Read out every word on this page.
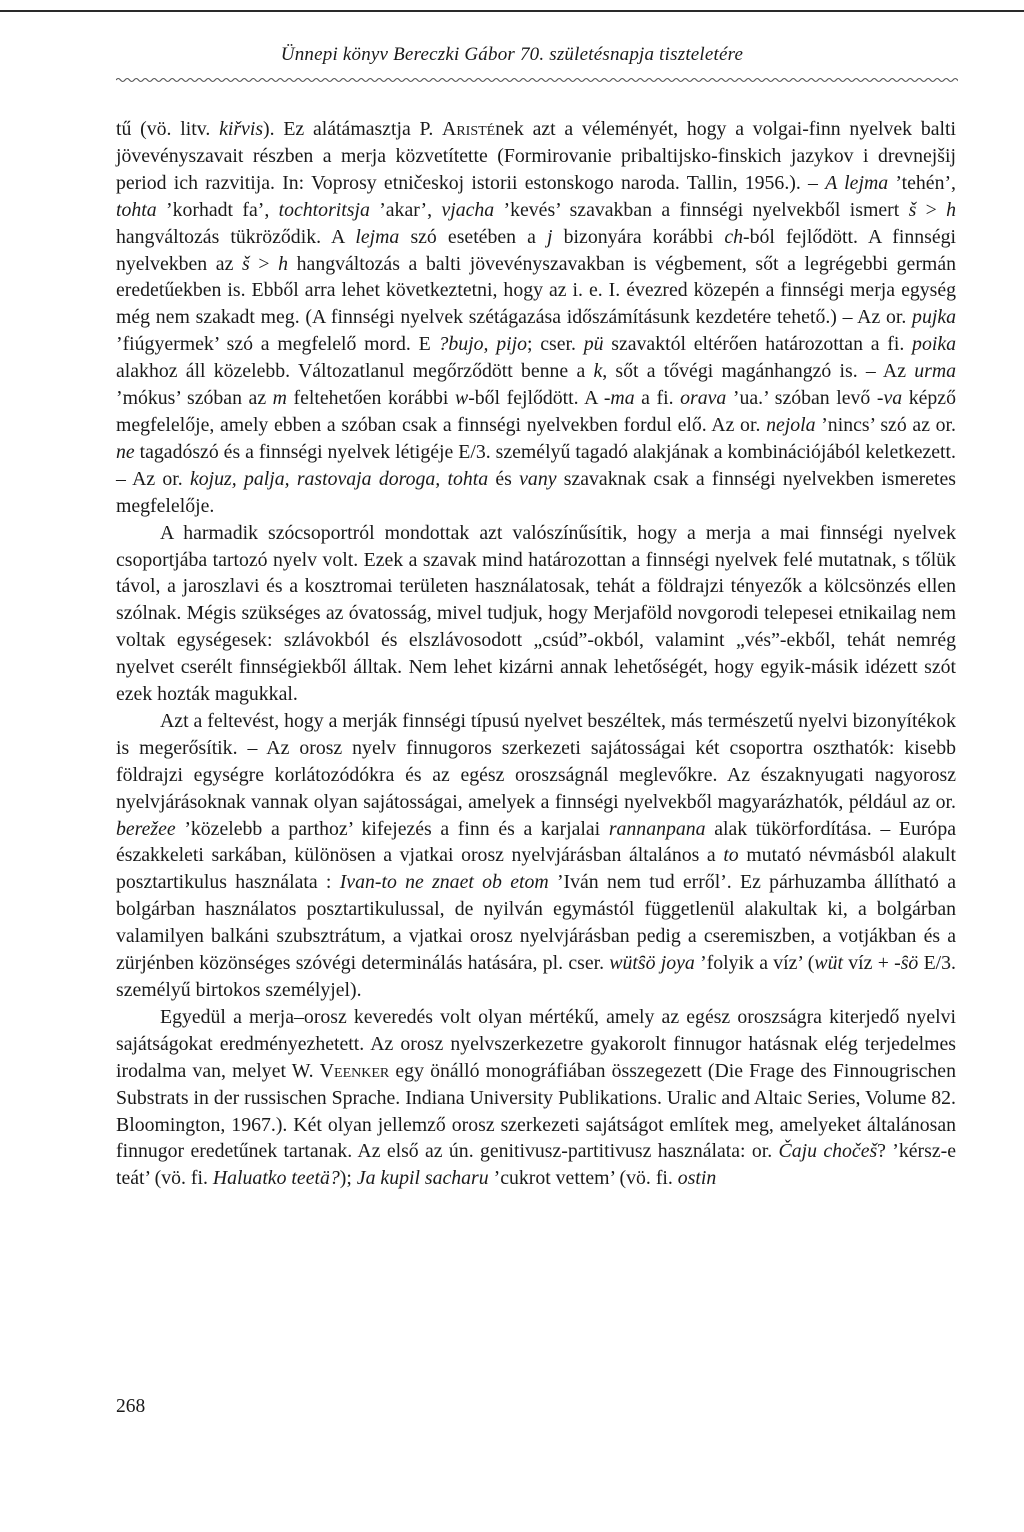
Ünnepi könyv Bereczki Gábor 70. születésnapja tiszteletére

tű (vö. litv. kiřvis). Ez alátámasztja P. Aristének azt a véleményét, hogy a volgai-finn nyelvek balti jövevényszavait részben a merja közvetítette (Formirovanie pribaltijsko-finskich jazykov i drevnejšij period ich razvitija. In: Voprosy etničeskoj istorii estonskogo naroda. Tallin, 1956.). – A lejma ’tehén’, tohta ’korhadt fa’, tochtoritsja ’akar’, vjacha ’kevés’ szavakban a finnségi nyelvekből ismert š > h hangváltozás tükröződik. A lejma szó esetében a j bizonyára korábbi ch-ból fejlődött. A finnségi nyelvekben az š > h hangváltozás a balti jövevényszavakban is végbement, sőt a legrégebbi germán eredetűekben is. Ebből arra lehet következtetni, hogy az i. e. I. évezred közepén a finnségi merja egység még nem szakadt meg. (A finnségi nyelvek szétágazása időszámításunk kezdetére tehető.) – Az or. pujka ’fiúgyermek’ szó a megfelelő mord. E ?bujo, pijo; cser. pü szavaktól eltérően határozottan a fi. poika alakhoz áll közelebb. Változatlanul megőrződött benne a k, sőt a tővégi magánhangzó is. – Az urma ’mókus’ szóban az m feltehetően korábbi w-ből fejlődött. A -ma a fi. orava ’ua.’ szóban levő -va képző megfelelője, amely ebben a szóban csak a finnségi nyelvekben fordul elő. Az or. nejola ’nincs’ szó az or. ne tagadószó és a finnségi nyelvek létigéje E/3. személyű tagadó alakjának a kombinációjából keletkezett. – Az or. kojuz, palja, rastovaja doroga, tohta és vany szavaknak csak a finnségi nyelvekben ismeretes megfelelője.

A harmadik szócsoportról mondottak azt valószínűsítik, hogy a merja a mai finnségi nyelvek csoportjába tartozó nyelv volt. Ezek a szavak mind határozottan a finnségi nyelvek felé mutatnak, s tőlük távol, a jaroszlavi és a kosztromai területen használatosak, tehát a földrajzi tényezők a kölcsönzés ellen szólnak. Mégis szükséges az óvatosság, mivel tudjuk, hogy Merjaföld novgorodi telepesei etnikailag nem voltak egységesek: szlávokból és elszlávosodott „csúd”-okból, valamint „vés”-ekből, tehát nemrég nyelvet cserélt finnségiekből álltak. Nem lehet kizárni annak lehetőségét, hogy egyik-másik idézett szót ezek hozták magukkal.

Azt a feltevést, hogy a merják finnségi típusú nyelvet beszéltek, más természetű nyelvi bizonyítékok is megerősítik. – Az orosz nyelv finnugoros szerkezeti sajátosságai két csoportra oszthatók: kisebb földrajzi egységre korlátozódókra és az egész oroszságnál meglevőkre. Az északnyugati nagyorosz nyelvjárásoknak vannak olyan sajátosságai, amelyek a finnségi nyelvekből magyarázhatók, például az or. berežee ’közelebb a parthoz’ kifejezés a finn és a karjalai rannanpana alak tükörfordítása. – Európa északkeleti sarkában, különösen a vjatkai orosz nyelvjárásban általános a to mutató névmásból alakult posztartikulus használata : Ivan-to ne znaet ob etom ’Iván nem tud erről’. Ez párhuzamba állítható a bolgárban használatos posztartikulussal, de nyilván egymástól függetlenül alakultak ki, a bolgárban valamilyen balkáni szubsztrátum, a vjatkai orosz nyelvjárásban pedig a cseremiszben, a votjákban és a zürjénben közönséges szóvégi determinálás hatására, pl. cser. wüts̑ö joya ’folyik a víz’ (wüt víz + -s̑ö E/3. személyű birtokos személyjel).

Egyedül a merja–orosz keveredés volt olyan mértékű, amely az egész oroszságra kiterjedő nyelvi sajátságokat eredményezhetett. Az orosz nyelvszerkezetre gyakorolt finnugor hatásnak elég terjedelmes irodalma van, melyet W. Veenker egy önálló monográfiában összegezett (Die Frage des Finnougrischen Substrats in der russischen Sprache. Indiana University Publikations. Uralic and Altaic Series, Volume 82. Bloomington, 1967.). Két olyan jellemző orosz szerkezeti sajátságot említek meg, amelyeket általánosan finnugor eredetűnek tartanak. Az első az ún. genitivusz-partitivusz használata: or. Čaju chočeš? ’kérsz-e teát’ (vö. fi. Haluatko teetä?); Ja kupil sacharu ’cukrot vettem’ (vö. fi. ostin

268
